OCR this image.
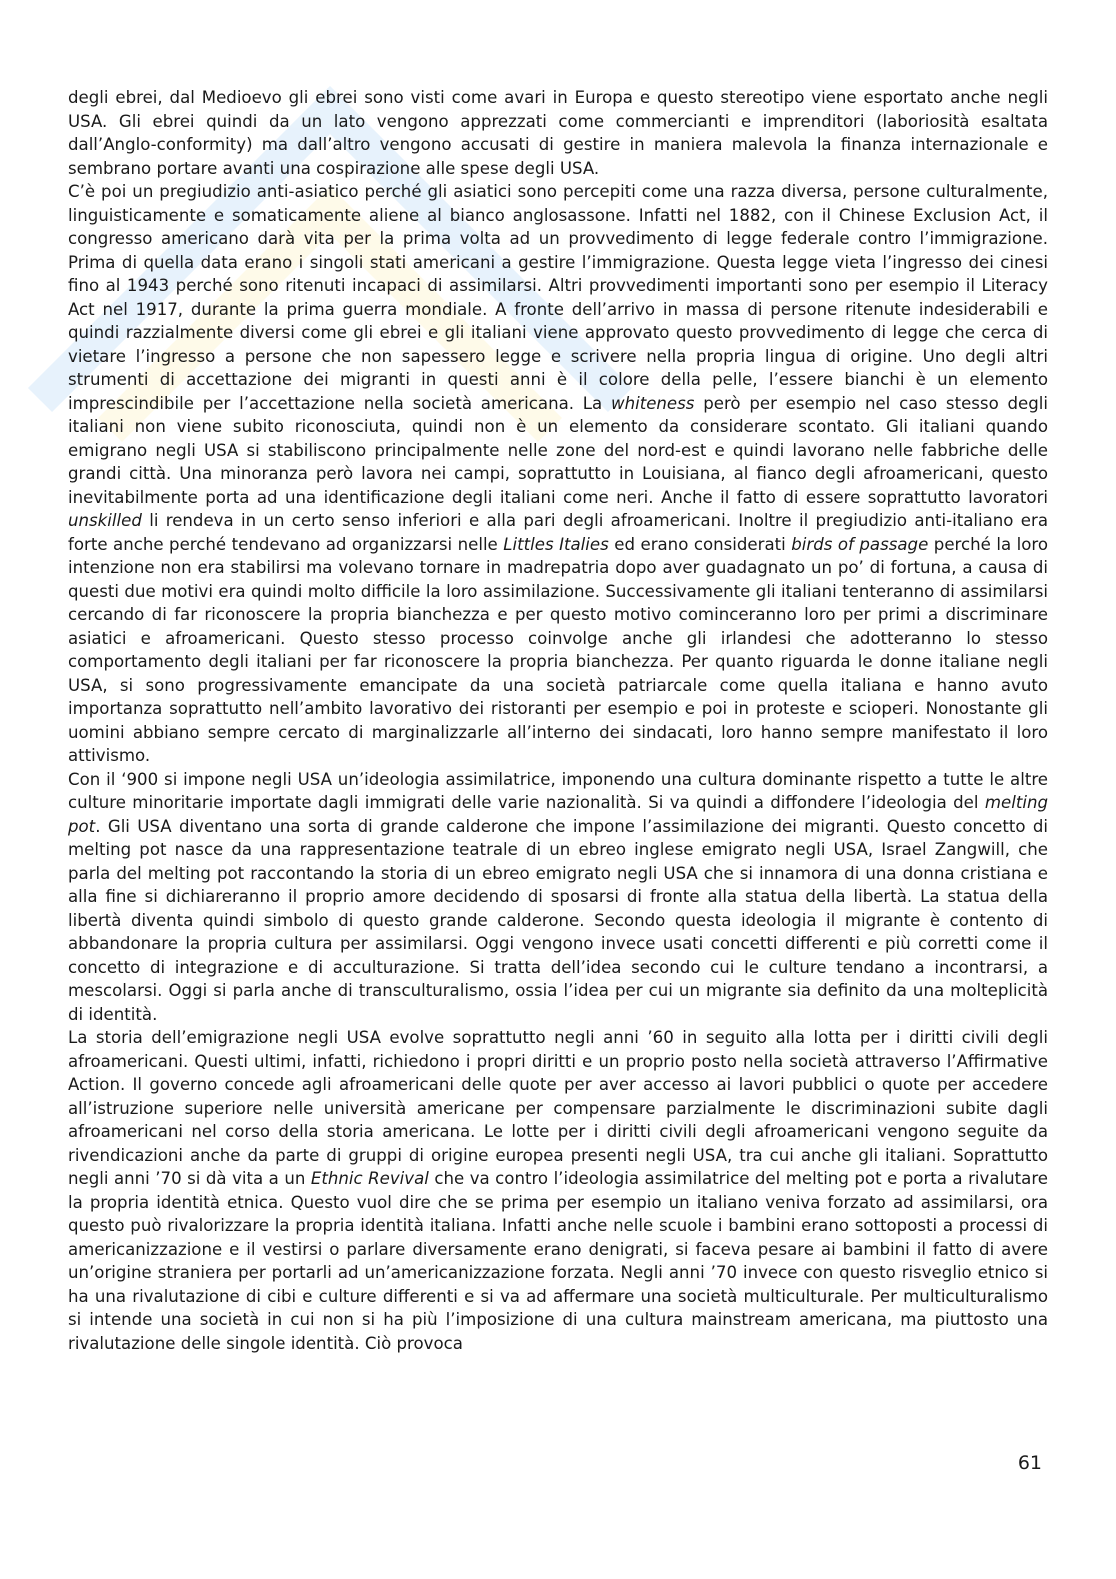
degli ebrei, dal Medioevo gli ebrei sono visti come avari in Europa e questo stereotipo viene esportato anche negli USA. Gli ebrei quindi da un lato vengono apprezzati come commercianti e imprenditori (laboriosità esaltata dall’Anglo-conformity) ma dall’altro vengono accusati di gestire in maniera malevola la finanza internazionale e sembrano portare avanti una cospirazione alle spese degli USA.

C’è poi un pregiudizio anti-asiatico perché gli asiatici sono percepiti come una razza diversa, persone culturalmente, linguisticamente e somaticamente aliene al bianco anglosassone. Infatti nel 1882, con il Chinese Exclusion Act, il congresso americano darà vita per la prima volta ad un provvedimento di legge federale contro l’immigrazione. Prima di quella data erano i singoli stati americani a gestire l’immigrazione. Questa legge vieta l’ingresso dei cinesi fino al 1943 perché sono ritenuti incapaci di assimilarsi. Altri provvedimenti importanti sono per esempio il Literacy Act nel 1917, durante la prima guerra mondiale. A fronte dell’arrivo in massa di persone ritenute indesiderabili e quindi razzialmente diversi come gli ebrei e gli italiani viene approvato questo provvedimento di legge che cerca di vietare l’ingresso a persone che non sapessero legge e scrivere nella propria lingua di origine. Uno degli altri strumenti di accettazione dei migranti in questi anni è il colore della pelle, l’essere bianchi è un elemento imprescindibile per l’accettazione nella società americana. La whiteness però per esempio nel caso stesso degli italiani non viene subito riconosciuta, quindi non è un elemento da considerare scontato. Gli italiani quando emigrano negli USA si stabiliscono principalmente nelle zone del nord-est e quindi lavorano nelle fabbriche delle grandi città. Una minoranza però lavora nei campi, soprattutto in Louisiana, al fianco degli afroamericani, questo inevitabilmente porta ad una identificazione degli italiani come neri. Anche il fatto di essere soprattutto lavoratori unskilled li rendeva in un certo senso inferiori e alla pari degli afroamericani. Inoltre il pregiudizio anti-italiano era forte anche perché tendevano ad organizzarsi nelle Littles Italies ed erano considerati birds of passage perché la loro intenzione non era stabilirsi ma volevano tornare in madrepatria dopo aver guadagnato un po’ di fortuna, a causa di questi due motivi era quindi molto difficile la loro assimilazione. Successivamente gli italiani tenteranno di assimilarsi cercando di far riconoscere la propria bianchezza e per questo motivo cominceranno loro per primi a discriminare asiatici e afroamericani. Questo stesso processo coinvolge anche gli irlandesi che adotteranno lo stesso comportamento degli italiani per far riconoscere la propria bianchezza. Per quanto riguarda le donne italiane negli USA, si sono progressivamente emancipate da una società patriarcale come quella italiana e hanno avuto importanza soprattutto nell’ambito lavorativo dei ristoranti per esempio e poi in proteste e scioperi. Nonostante gli uomini abbiano sempre cercato di marginalizzarle all’interno dei sindacati, loro hanno sempre manifestato il loro attivismo.

Con il ‘900 si impone negli USA un’ideologia assimilatrice, imponendo una cultura dominante rispetto a tutte le altre culture minoritarie importate dagli immigrati delle varie nazionalità. Si va quindi a diffondere l’ideologia del melting pot. Gli USA diventano una sorta di grande calderone che impone l’assimilazione dei migranti. Questo concetto di melting pot nasce da una rappresentazione teatrale di un ebreo inglese emigrato negli USA, Israel Zangwill, che parla del melting pot raccontando la storia di un ebreo emigrato negli USA che si innamora di una donna cristiana e alla fine si dichiareranno il proprio amore decidendo di sposarsi di fronte alla statua della libertà. La statua della libertà diventa quindi simbolo di questo grande calderone. Secondo questa ideologia il migrante è contento di abbandonare la propria cultura per assimilarsi. Oggi vengono invece usati concetti differenti e più corretti come il concetto di integrazione e di acculturazione. Si tratta dell’idea secondo cui le culture tendano a incontrarsi, a mescolarsi. Oggi si parla anche di transculturalismo, ossia l’idea per cui un migrante sia definito da una molteplicità di identità.

La storia dell’emigrazione negli USA evolve soprattutto negli anni ’60 in seguito alla lotta per i diritti civili degli afroamericani. Questi ultimi, infatti, richiedono i propri diritti e un proprio posto nella società attraverso l’Affirmative Action. Il governo concede agli afroamericani delle quote per aver accesso ai lavori pubblici o quote per accedere all’istruzione superiore nelle università americane per compensare parzialmente le discriminazioni subite dagli afroamericani nel corso della storia americana. Le lotte per i diritti civili degli afroamericani vengono seguite da rivendicazioni anche da parte di gruppi di origine europea presenti negli USA, tra cui anche gli italiani. Soprattutto negli anni ’70 si dà vita a un Ethnic Revival che va contro l’ideologia assimilatrice del melting pot e porta a rivalutare la propria identità etnica. Questo vuol dire che se prima per esempio un italiano veniva forzato ad assimilarsi, ora questo può rivalorizzare la propria identità italiana. Infatti anche nelle scuole i bambini erano sottoposti a processi di americanizzazione e il vestirsi o parlare diversamente erano denigrati, si faceva pesare ai bambini il fatto di avere un’origine straniera per portarli ad un’americanizzazione forzata. Negli anni ’70 invece con questo risveglio etnico si ha una rivalutazione di cibi e culture differenti e si va ad affermare una società multiculturale. Per multiculturalismo si intende una società in cui non si ha più l’imposizione di una cultura mainstream americana, ma piuttosto una rivalutazione delle singole identità. Ciò provoca

61
